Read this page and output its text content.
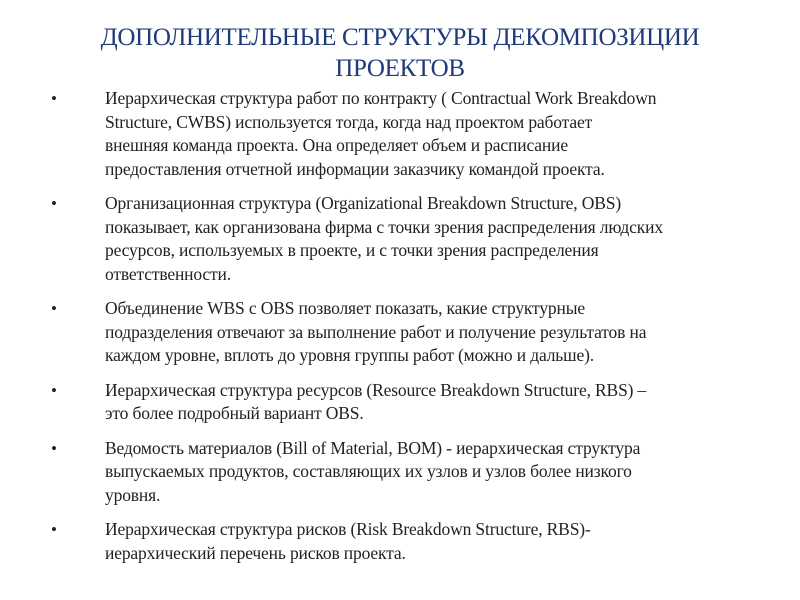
ДОПОЛНИТЕЛЬНЫЕ СТРУКТУРЫ ДЕКОМПОЗИЦИИ
ПРОЕКТОВ
•	Иерархическая структура работ по контракту ( Contractual Work Breakdown
Structure, CWBS) используется тогда, когда над проектом работает
внешняя команда проекта. Она определяет объем и расписание
предоставления отчетной информации заказчику командой проекта.
•	Организационная структура (Organizational Breakdown Structure, OBS)
показывает, как организована фирма с точки зрения распределения людских
ресурсов, используемых в проекте, и с точки зрения распределения
ответственности.
•	Объединение WBS с OBS позволяет показать, какие структурные
подразделения отвечают за выполнение работ и получение результатов на
каждом уровне, вплоть до уровня группы работ (можно и дальше).
•	Иерархическая структура ресурсов (Resource Breakdown Structure, RBS) –
это более подробный вариант OBS.
•	Ведомость материалов (Bill of Material, BOM) - иерархическая структура
выпускаемых продуктов, составляющих их узлов и узлов более низкого
уровня.
•	Иерархическая структура рисков (Risk Breakdown Structure, RBS)-
иерархический перечень рисков проекта.
